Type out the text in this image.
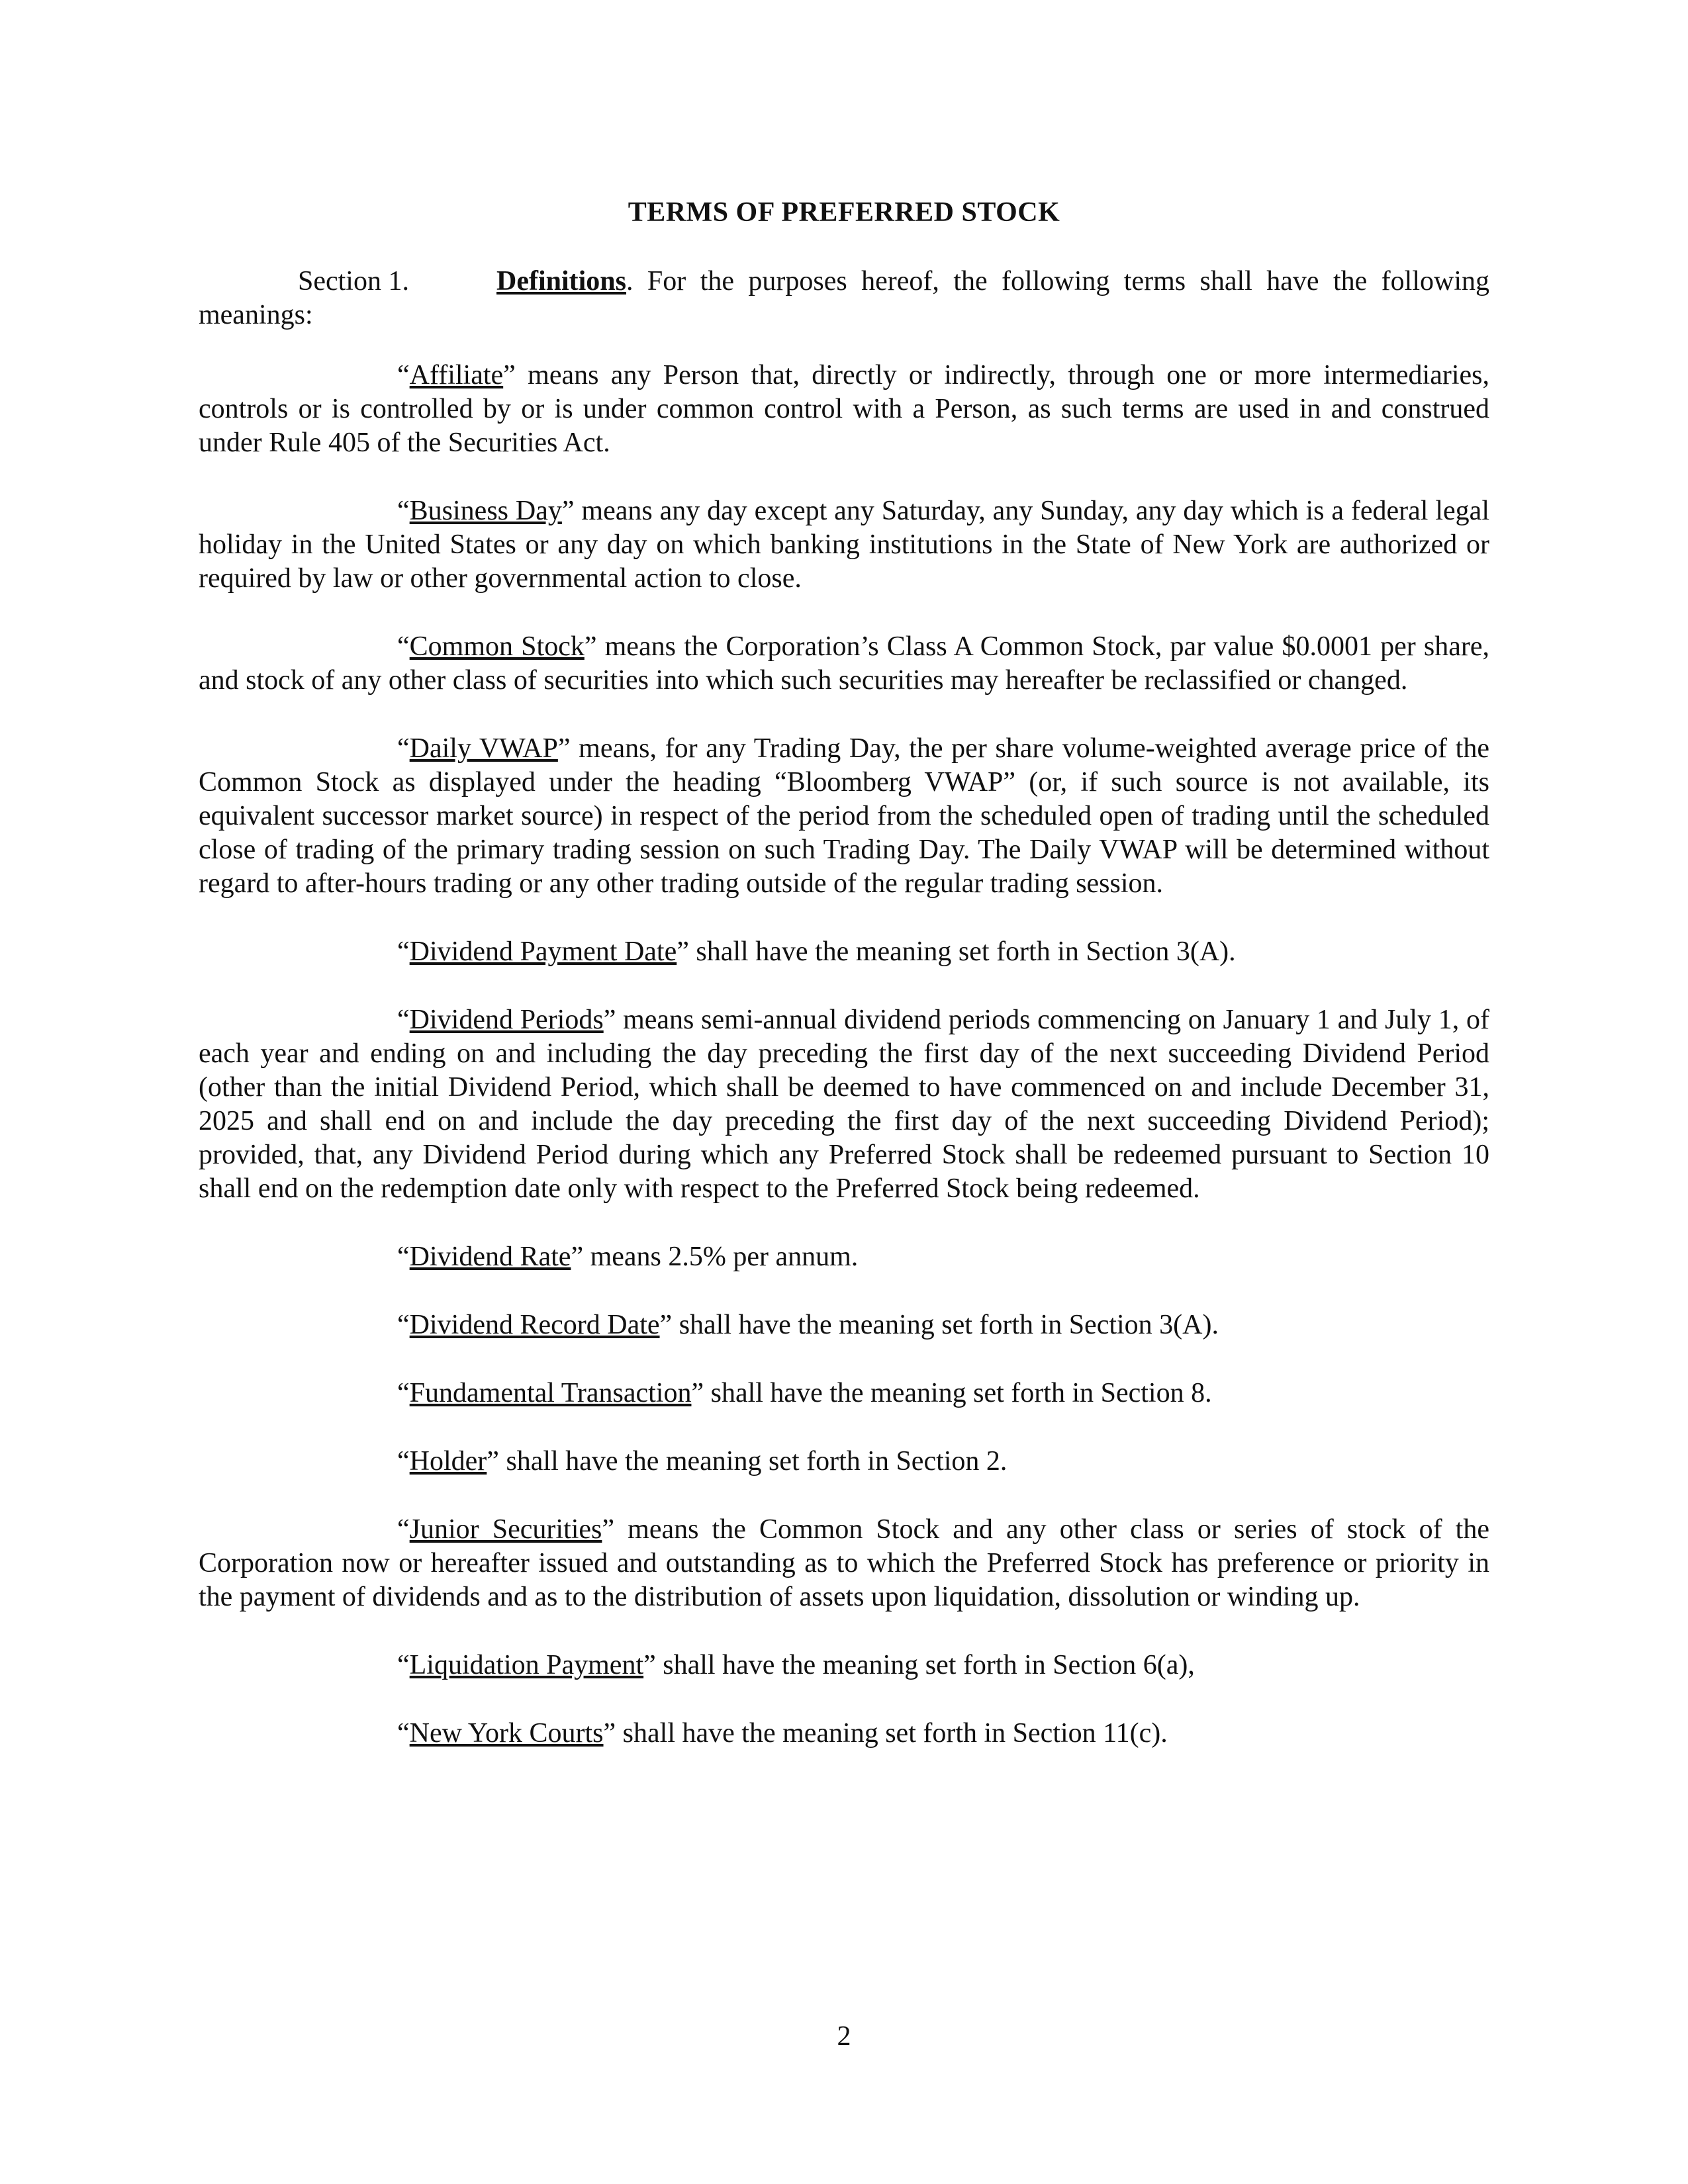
TERMS OF PREFERRED STOCK
Section 1.	Definitions. For the purposes hereof, the following terms shall have the following
meanings:

“Affiliate” means any Person that, directly or indirectly, through one or more intermediaries, controls or is controlled by or is under common control with a Person, as such terms are used in and construed under Rule 405 of the Securities Act.

“Business Day” means any day except any Saturday, any Sunday, any day which is a federal legal holiday in the United States or any day on which banking institutions in the State of New York are authorized or required by law or other governmental action to close.

“Common Stock” means the Corporation’s Class A Common Stock, par value $0.0001 per share, and stock of any other class of securities into which such securities may hereafter be reclassified or changed.

“Daily VWAP” means, for any Trading Day, the per share volume-weighted average price of the Common Stock as displayed under the heading “Bloomberg VWAP” (or, if such source is not available, its equivalent successor market source) in respect of the period from the scheduled open of trading until the scheduled close of trading of the primary trading session on such Trading Day. The Daily VWAP will be determined without regard to after-hours trading or any other trading outside of the regular trading session.

“Dividend Payment Date” shall have the meaning set forth in Section 3(A).

“Dividend Periods” means semi-annual dividend periods commencing on January 1 and July 1, of each year and ending on and including the day preceding the first day of the next succeeding Dividend Period (other than the initial Dividend Period, which shall be deemed to have commenced on and include December 31, 2025 and shall end on and include the day preceding the first day of the next succeeding Dividend Period); provided, that, any Dividend Period during which any Preferred Stock shall be redeemed pursuant to Section 10 shall end on the redemption date only with respect to the Preferred Stock being redeemed.

“Dividend Rate” means 2.5% per annum.

“Dividend Record Date” shall have the meaning set forth in Section 3(A).

“Fundamental Transaction” shall have the meaning set forth in Section 8.

“Holder” shall have the meaning set forth in Section 2.

“Junior Securities” means the Common Stock and any other class or series of stock of the Corporation now or hereafter issued and outstanding as to which the Preferred Stock has preference or priority in the payment of dividends and as to the distribution of assets upon liquidation, dissolution or winding up.

“Liquidation Payment” shall have the meaning set forth in Section 6(a),

“New York Courts” shall have the meaning set forth in Section 11(c).

2
